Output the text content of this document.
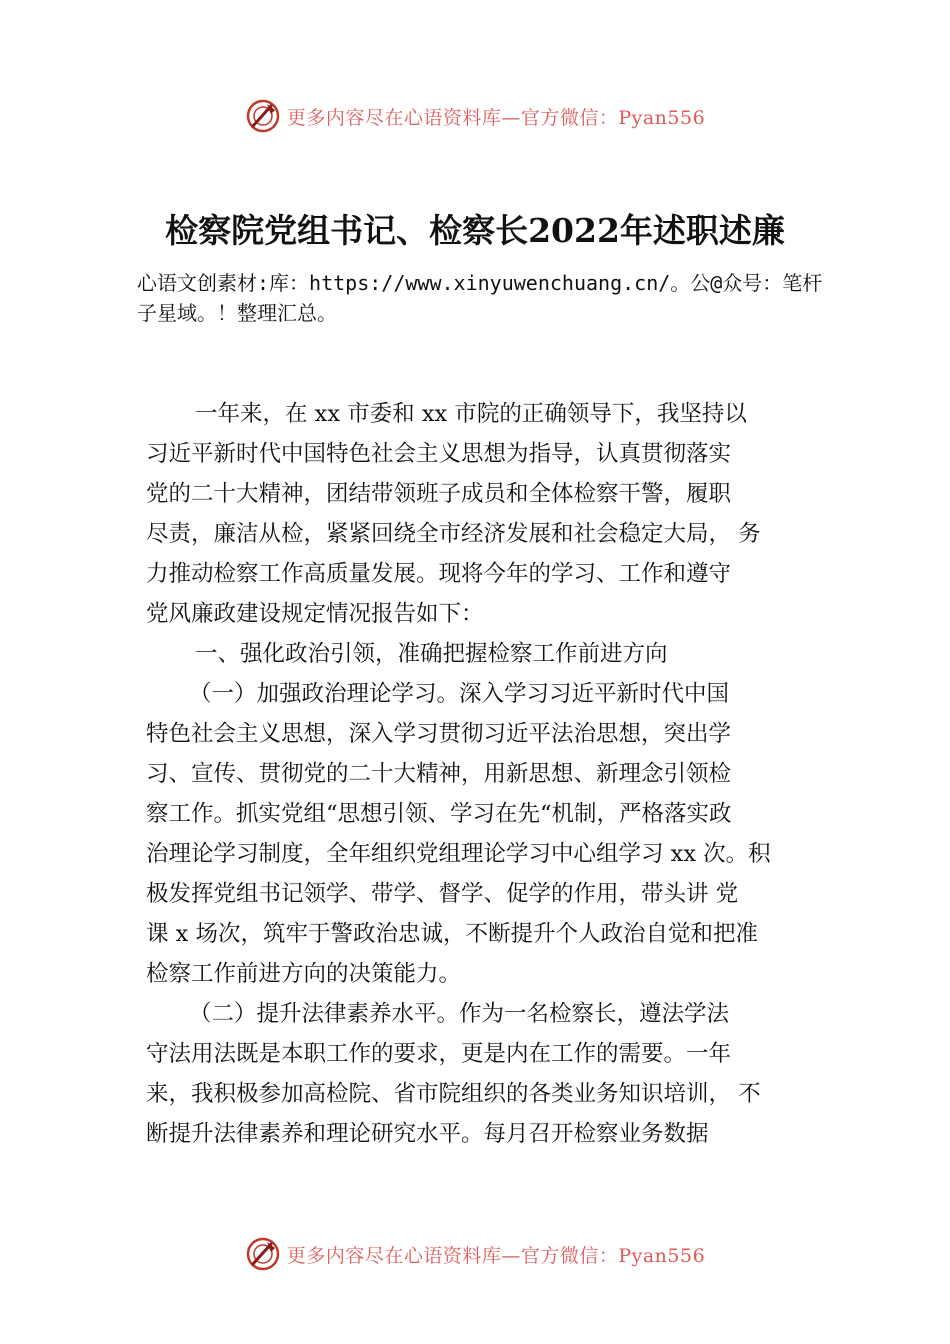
更多内容尽在心语资料库—官方微信：Pyan556
检察院党组书记、检察长2022年述职述廉
心语文创素材:库：https://www.xinyuwenchuang.cn/。公@众号：笔杆子星域。！整理汇总。
一年来，在 xx 市委和 xx 市院的正确领导下，我坚持以
习近平新时代中国特色社会主义思想为指导，认真贯彻落实
党的二十大精神，团结带领班子成员和全体检察干警，履职
尽责，廉洁从检，紧紧回绕全市经济发展和社会稳定大局， 务
力推动检察工作高质量发展。现将今年的学习、工作和遵守
党风廉政建设规定情况报告如下：
一、强化政治引领，准确把握检察工作前进方向
（一）加强政治理论学习。深入学习习近平新时代中国
特色社会主义思想，深入学习贯彻习近平法治思想，突出学
习、宣传、贯彻党的二十大精神，用新思想、新理念引领检
察工作。抓实党组“思想引领、学习在先“机制，严格落实政
治理论学习制度，全年组织党组理论学习中心组学习 xx 次。积
极发挥党组书记领学、带学、督学、促学的作用，带头讲 党
课 x 场次，筑牢于警政治忠诚，不断提升个人政治自觉和把准
检察工作前进方向的决策能力。
（二）提升法律素养水平。作为一名检察长，遵法学法
守法用法既是本职工作的要求，更是内在工作的需要。一年
来，我积极参加高检院、省市院组织的各类业务知识培训， 不
断提升法律素养和理论研究水平。每月召开检察业务数据
更多内容尽在心语资料库—官方微信：Pyan556
